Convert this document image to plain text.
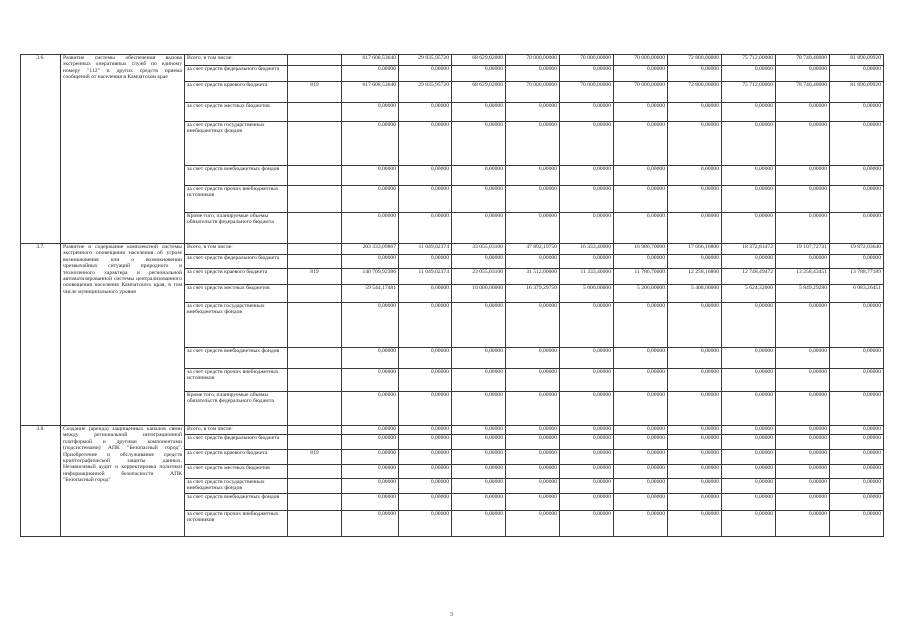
3.6.	Развитие системы обеспечения вызова экстренных оперативных служб по единому номеру "112" и других средств приема сообщений от населения в Камчатском крае	Всего, в том числе:		617 608,53640	29 835,95720	68 629,02000	70 000,00000	70 000,00000	70 000,00000	72 800,00000	75 712,00000	78 740,48000	81 890,09920
		за счет средств федерального бюджета		0,00000	0,00000	0,00000	0,00000	0,00000	0,00000	0,00000	0,00000	0,00000	0,00000
		за счет средств краевого бюджета	819	617 608,53640	29 835,95720	68 629,02000	70 000,00000	70 000,00000	70 000,00000	72 800,00000	75 712,00000	78 740,48000	81 890,09920
		за счет средств местных бюджетов		0,00000	0,00000	0,00000	0,00000	0,00000	0,00000	0,00000	0,00000	0,00000	0,00000
		за счет средств государственных внебюджетных фондов		0,00000	0,00000	0,00000	0,00000	0,00000	0,00000	0,00000	0,00000	0,00000	0,00000
		за счет средств внебюджетных фондов		0,00000	0,00000	0,00000	0,00000	0,00000	0,00000	0,00000	0,00000	0,00000	0,00000
		за счет средств прочих внебюджетных источников		0,00000	0,00000	0,00000	0,00000	0,00000	0,00000	0,00000	0,00000	0,00000	0,00000
		Кроме того, планируемые объемы обязательств федерального бюджета		0,00000	0,00000	0,00000	0,00000	0,00000	0,00000	0,00000	0,00000	0,00000	0,00000
3.7.	Развитие и содержание комплексной системы экстренного оповещения населения об угрозе возникновения или о возникновении чрезвычайных ситуаций природного и техногенного характера и региональной автоматизированной системы централизованного оповещения населения Камчатского края, в том числе муниципального уровня	Всего, в том числе:		203 333,09867	11 049,02374	33 055,03100	47 892,19750	16 333,40000	16 986,70000	17 666,16800	18 372,81472	19 107,72731	19 872,03640
		за счет средств федерального бюджета		0,00000	0,00000	0,00000	0,00000	0,00000	0,00000	0,00000	0,00000	0,00000	0,00000
		за счет средств краевого бюджета	819	140 709,92386	11 049,02374	23 055,03100	31 512,00000	11 333,40000	11 786,70000	12 258,16800	12 748,49472	13 258,43451	13 788,77189
		за счет средств местных бюджетов		59 544,17481	0,00000	10 000,00000	16 379,29750	5 000,00000	5 200,00000	5 408,00000	5 624,32000	5 849,29280	6 083,26451
		за счет средств государственных внебюджетных фондов		0,00000	0,00000	0,00000	0,00000	0,00000	0,00000	0,00000	0,00000	0,00000	0,00000
		за счет средств внебюджетных фондов		0,00000	0,00000	0,00000	0,00000	0,00000	0,00000	0,00000	0,00000	0,00000	0,00000
		за счет средств прочих внебюджетных источников		0,00000	0,00000	0,00000	0,00000	0,00000	0,00000	0,00000	0,00000	0,00000	0,00000
		Кроме того, планируемые объемы обязательств федерального бюджета		0,00000	0,00000	0,00000	0,00000	0,00000	0,00000	0,00000	0,00000	0,00000	0,00000
3.8.	Создание (аренда) защищенных каналов связи между региональной интеграционной платформой и другими компонентами (подсистемами) АПК "Безопасный город". Приобретение и обслуживание средств криптографической защиты данных. Независимый аудит и корректировка политики информационной безопасности АПК "Безопасный город"	Всего, в том числе:		0,00000	0,00000	0,00000	0,00000	0,00000	0,00000	0,00000	0,00000	0,00000	0,00000
		за счет средств федерального бюджета		0,00000	0,00000	0,00000	0,00000	0,00000	0,00000	0,00000	0,00000	0,00000	0,00000
		за счет средств краевого бюджета	819	0,00000	0,00000	0,00000	0,00000	0,00000	0,00000	0,00000	0,00000	0,00000	0,00000
		за счет средств местных бюджетов		0,00000	0,00000	0,00000	0,00000	0,00000	0,00000	0,00000	0,00000	0,00000	0,00000
		за счет средств государственных внебюджетных фондов		0,00000	0,00000	0,00000	0,00000	0,00000	0,00000	0,00000	0,00000	0,00000	0,00000
		за счет средств внебюджетных фондов		0,00000	0,00000	0,00000	0,00000	0,00000	0,00000	0,00000	0,00000	0,00000	0,00000
		за счет средств прочих внебюджетных источников		0,00000	0,00000	0,00000	0,00000	0,00000	0,00000	0,00000	0,00000	0,00000	0,00000
3
